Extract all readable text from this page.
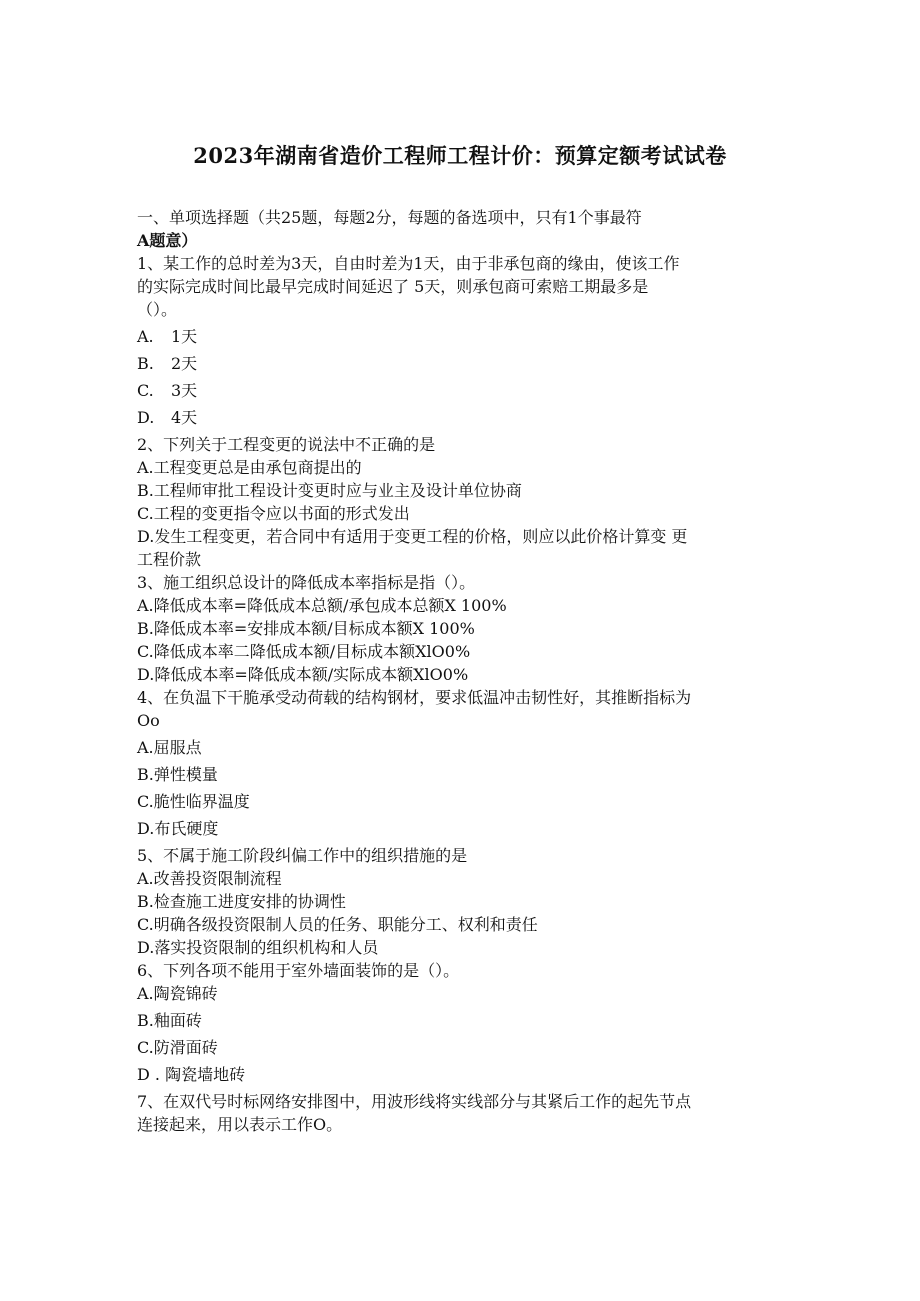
2023年湖南省造价工程师工程计价：预算定额考试试卷
一、单项选择题（共25题，每题2分，每题的备选项中，只有1个事最符
A题意）
1、某工作的总时差为3天，自由时差为1天，由于非承包商的缘由，使该工作
的实际完成时间比最早完成时间延迟了 5天，则承包商可索赔工期最多是
（）。
A.	1天
B.	2天
C.	3天
D.	4天
2、下列关于工程变更的说法中不正确的是
A.工程变更总是由承包商提出的
B.工程师审批工程设计变更时应与业主及设计单位协商
C.工程的变更指令应以书面的形式发出
D.发生工程变更，若合同中有适用于变更工程的价格，则应以此价格计算变 更
工程价款
3、施工组织总设计的降低成本率指标是指（）。
A.降低成本率=降低成本总额/承包成本总额X 100%
B.降低成本率=安排成本额/目标成本额X 100%
C.降低成本率二降低成本额/目标成本额XlO0%
D.降低成本率=降低成本额/实际成本额XlO0%
4、在负温下干脆承受动荷载的结构钢材，要求低温冲击韧性好，其推断指标为
Oo
A.屈服点
B.弹性模量
C.脆性临界温度
D.布氏硬度
5、不属于施工阶段纠偏工作中的组织措施的是
A.改善投资限制流程
B.检查施工进度安排的协调性
C.明确各级投资限制人员的任务、职能分工、权利和责任
D.落实投资限制的组织机构和人员
6、下列各项不能用于室外墙面装饰的是（）。
A.陶瓷锦砖
B.釉面砖
C.防滑面砖
D . 陶瓷墙地砖
7、在双代号时标网络安排图中，用波形线将实线部分与其紧后工作的起先节点
连接起来，用以表示工作O。
